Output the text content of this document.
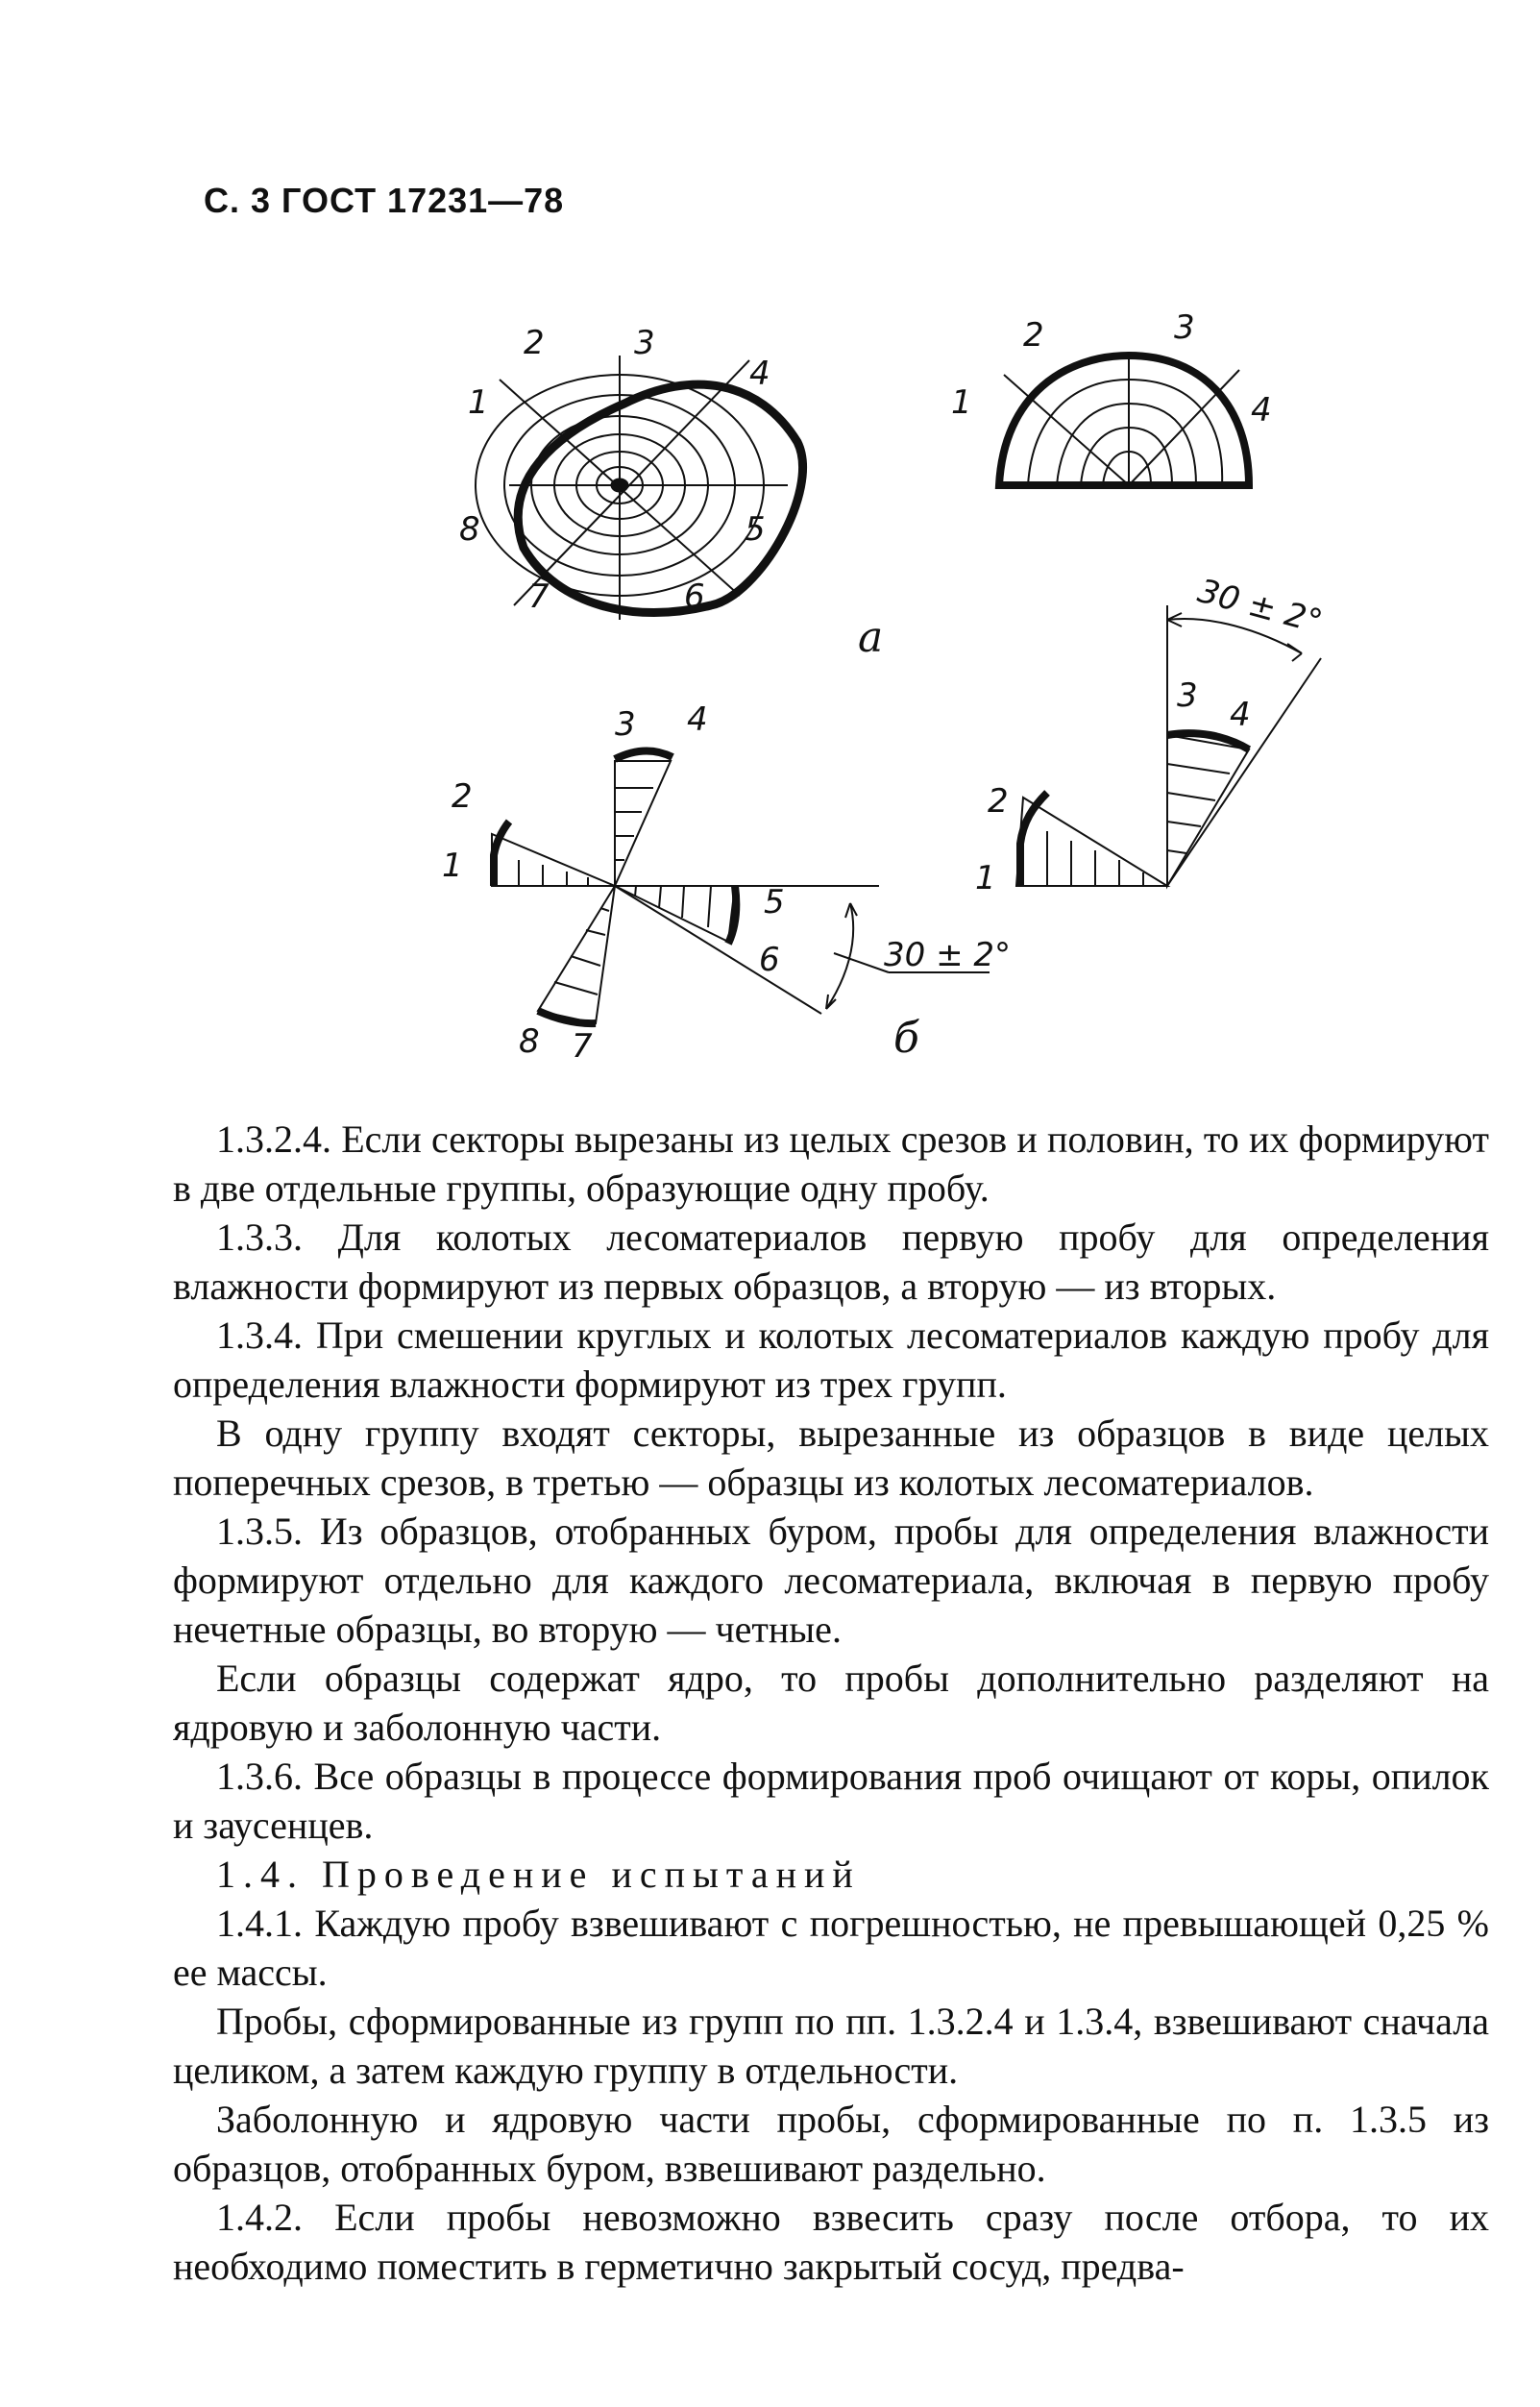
С. 3 ГОСТ 17231—78
1
2	3
4
5
6
7
8
1
2	3
4
а
1
2
3 4
5
6
7
8
30 ± 2°
б
1
2
3 4
30 ± 2°

1.3.2.4. Если секторы вырезаны из целых срезов и половин, то их формируют в две отдельные группы, образующие одну пробу.

1.3.3. Для колотых лесоматериалов первую пробу для определения влажности формируют из первых образцов, а вторую — из вторых.

1.3.4. При смешении круглых и колотых лесоматериалов каждую пробу для определения влажности формируют из трех групп.

В одну группу входят секторы, вырезанные из образцов в виде целых поперечных срезов, в третью — образцы из колотых лесоматериалов.

1.3.5. Из образцов, отобранных буром, пробы для определения влажности формируют отдельно для каждого лесоматериала, включая в первую пробу нечетные образцы, во вторую — четные.

Если образцы содержат ядро, то пробы дополнительно разделяют на ядровую и заболонную части.

1.3.6. Все образцы в процессе формирования проб очищают от коры, опилок и заусенцев.

1.4. Проведение испытаний

1.4.1. Каждую пробу взвешивают с погрешностью, не превышающей 0,25 % ее массы.

Пробы, сформированные из групп по пп. 1.3.2.4 и 1.3.4, взвешивают сначала целиком, а затем каждую группу в отдельности.

Заболонную и ядровую части пробы, сформированные по п. 1.3.5 из образцов, отобранных буром, взвешивают раздельно.

1.4.2. Если пробы невозможно взвесить сразу после отбора, то их необходимо поместить в герметично закрытый сосуд, предва-
